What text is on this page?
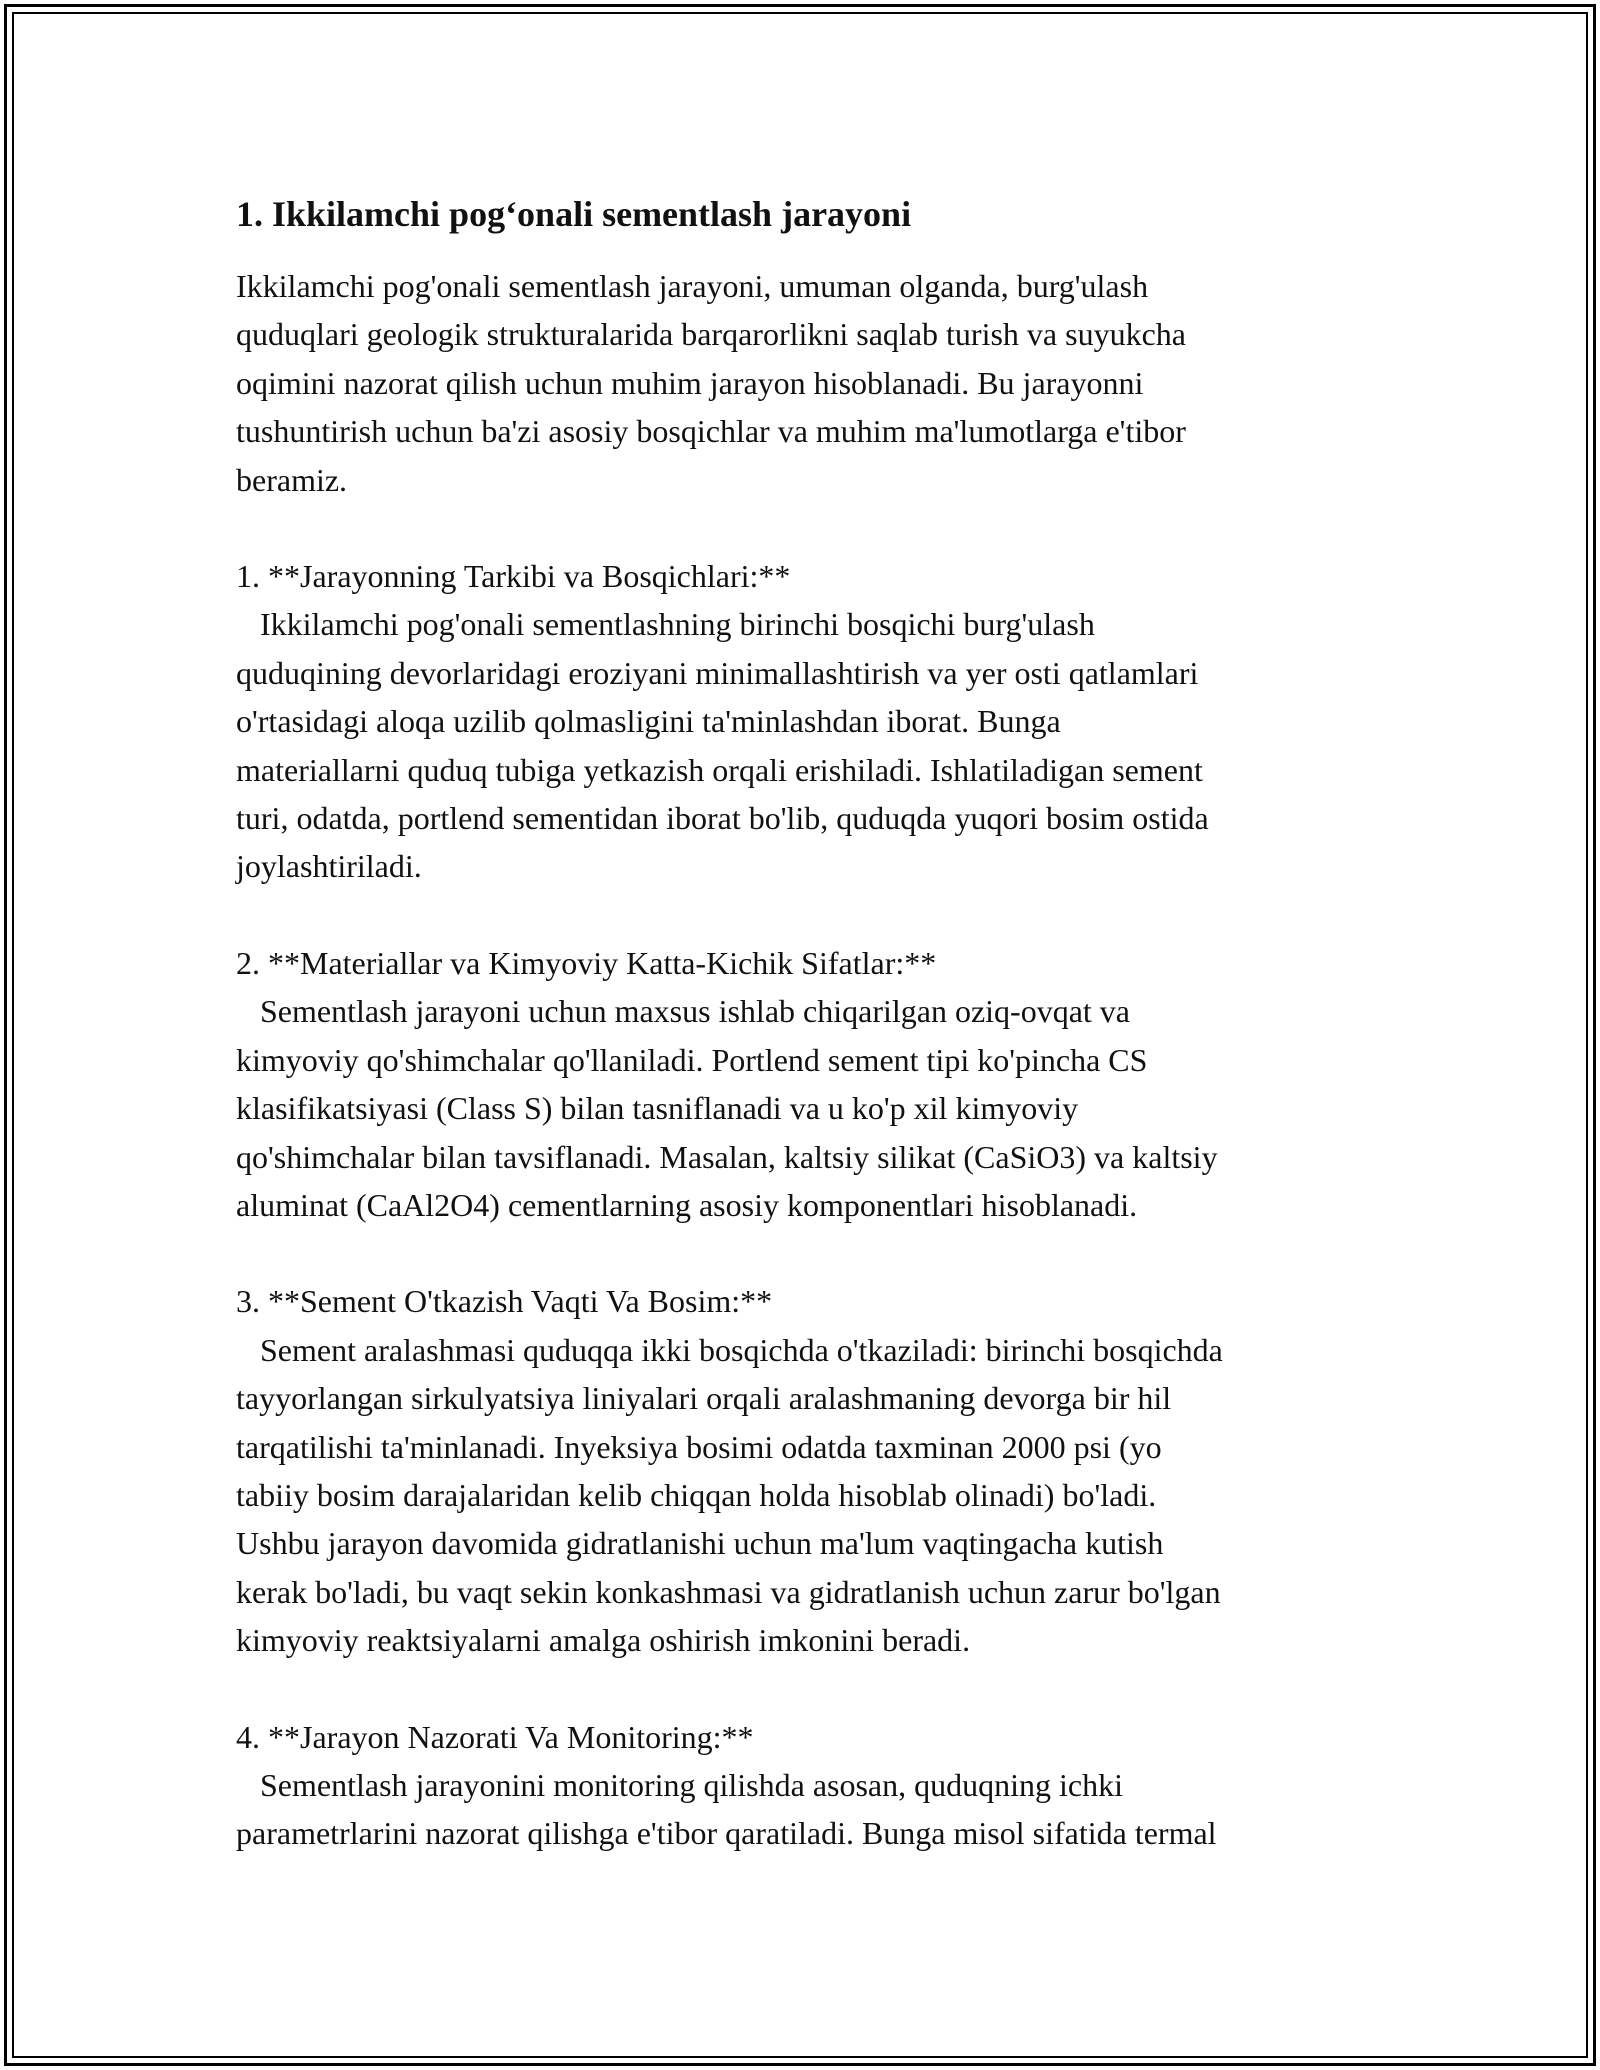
1. Ikkilamchi pog‘onali sementlash jarayoni

Ikkilamchi pog'onali sementlash jarayoni, umuman olganda, burg'ulash
quduqlari geologik strukturalarida barqarorlikni saqlab turish va suyukcha
oqimini nazorat qilish uchun muhim jarayon hisoblanadi. Bu jarayonni
tushuntirish uchun ba'zi asosiy bosqichlar va muhim ma'lumotlarga e'tibor
beramiz.

1. **Jarayonning Tarkibi va Bosqichlari:**
Ikkilamchi pog'onali sementlashning birinchi bosqichi burg'ulash
quduqining devorlaridagi eroziyani minimallashtirish va yer osti qatlamlari
o'rtasidagi aloqa uzilib qolmasligini ta'minlashdan iborat. Bunga
materiallarni quduq tubiga yetkazish orqali erishiladi. Ishlatiladigan sement
turi, odatda, portlend sementidan iborat bo'lib, quduqda yuqori bosim ostida
joylashtiriladi.

2. **Materiallar va Kimyoviy Katta-Kichik Sifatlar:**
Sementlash jarayoni uchun maxsus ishlab chiqarilgan oziq-ovqat va
kimyoviy qo'shimchalar qo'llaniladi. Portlend sement tipi ko'pincha CS
klasifikatsiyasi (Class S) bilan tasniflanadi va u ko'p xil kimyoviy
qo'shimchalar bilan tavsiflanadi. Masalan, kaltsiy silikat (CaSiO3) va kaltsiy
aluminat (CaAl2O4) cementlarning asosiy komponentlari hisoblanadi.

3. **Sement O'tkazish Vaqti Va Bosim:**
Sement aralashmasi quduqqa ikki bosqichda o'tkaziladi: birinchi bosqichda
tayyorlangan sirkulyatsiya liniyalari orqali aralashmaning devorga bir hil
tarqatilishi ta'minlanadi. Inyeksiya bosimi odatda taxminan 2000 psi (yo
tabiiy bosim darajalaridan kelib chiqqan holda hisoblab olinadi) bo'ladi.
Ushbu jarayon davomida gidratlanishi uchun ma'lum vaqtingacha kutish
kerak bo'ladi, bu vaqt sekin konkashmasi va gidratlanish uchun zarur bo'lgan
kimyoviy reaktsiyalarni amalga oshirish imkonini beradi.

4. **Jarayon Nazorati Va Monitoring:**
Sementlash jarayonini monitoring qilishda asosan, quduqning ichki
parametrlarini nazorat qilishga e'tibor qaratiladi. Bunga misol sifatida termal
